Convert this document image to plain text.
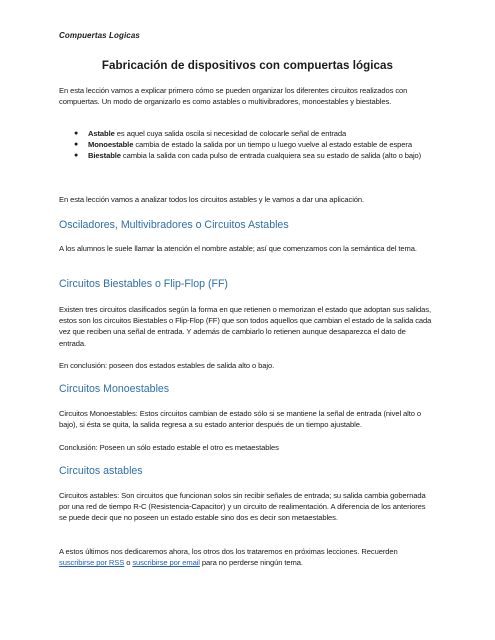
Compuertas Logicas
Fabricación de dispositivos con compuertas lógicas

En esta lección vamos a explicar primero cómo se pueden organizar los diferentes circuitos realizados con compuertas. Un modo de organizarlo es como astables o multivibradores, monoestables y biestables.

● Astable es aquel cuya salida oscila si necesidad de colocarle señal de entrada
● Monoestable cambia de estado la salida por un tiempo u luego vuelve al estado estable de espera
● Biestable cambia la salida con cada pulso de entrada cualquiera sea su estado de salida (alto o bajo)

En esta lección vamos a analizar todos los circuitos astables y le vamos a dar una aplicación.

Osciladores, Multivibradores o Circuitos Astables

A los alumnos le suele llamar la atención el nombre astable; así que comenzamos con la semántica del tema.

Circuitos Biestables o Flip-Flop (FF)

Existen tres circuitos clasificados según la forma en que retienen o memorizan el estado que adoptan sus salidas, estos son los circuitos Biestables o Flip-Flop (FF) que son todos aquellos que cambian el estado de la salida cada vez que reciben una señal de entrada. Y además de cambiarlo lo retienen aunque desaparezca el dato de entrada.

En conclusión: poseen dos estados estables de salida alto o bajo.

Circuitos Monoestables

Circuitos Monoestables: Estos circuitos cambian de estado sólo si se mantiene la señal de entrada (nivel alto o bajo), si ésta se quita, la salida regresa a su estado anterior después de un tiempo ajustable.

Conclusión: Poseen un sólo estado estable el otro es metaestables

Circuitos astables

Circuitos astables: Son circuitos que funcionan solos sin recibir señales de entrada; su salida cambia gobernada por una red de tiempo R-C (Resistencia-Capacitor) y un circuito de realimentación. A diferencia de los anteriores se puede decir que no poseen un estado estable sino dos es decir son metaestables.

A estos últimos nos dedicaremos ahora, los otros dos los trataremos en próximas lecciones. Recuerden suscribirse por RSS o suscribirse por email para no perderse ningún tema.
